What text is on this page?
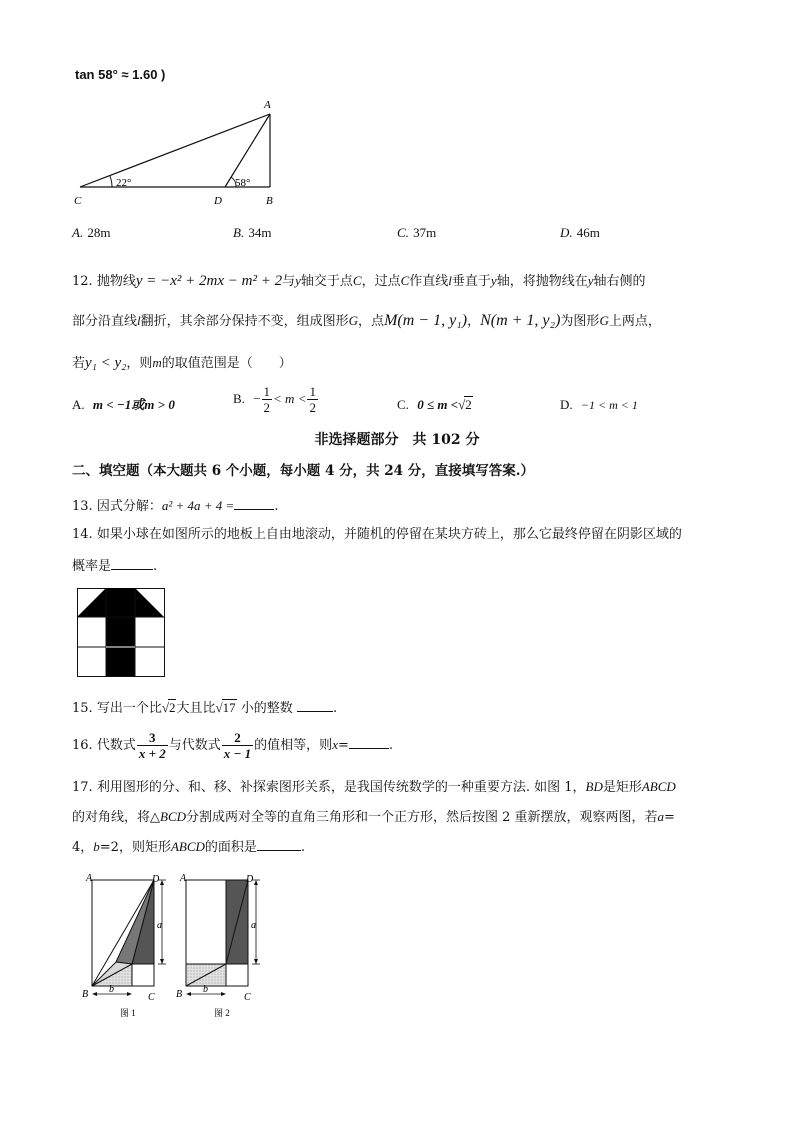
tan 58° ≈ 1.60 )
22°	58°
A
B
C	D
A. 28m	B. 34m	C. 37m	D. 46m
12. 抛物线y = −x² + 2mx − m² + 2与y轴交于点C，过点C作直线l垂直于y轴，将抛物线在y轴右侧的
部分沿直线l翻折，其余部分保持不变，组成图形G，点M(m − 1, y₁)，N(m + 1, y₂)为图形G上两点，
若y₁ < y₂，则m的取值范围是（　　）
A. m < −1或m > 0	B. − $\frac{1}{2} < m < \frac{1}{2}$	C. 0 ≤ m <√2	D. −1 < m < 1
非选择题部分　共 102 分
二、填空题（本大题共 6 个小题，每小题 4 分，共 24 分，直接填写答案.）
13. 因式分解：a² + 4a + 4 =	.
14. 如果小球在如图所示的地板上自由地滚动，并随机的停留在某块方砖上，那么它最终停留在阴影区域的
概率是	.
15. 写出一个比√2大且比√17 小的整数	.
16. 代数式 $\frac{3}{x + 2}$ 与代数式 $\frac{2}{x - 1}$ 的值相等，则x=	.
17. 利用图形的分、和、移、补探索图形关系，是我国传统数学的一种重要方法. 如图 1，BD是矩形ABCD
的对角线，将△BCD分割成两对全等的直角三角形和一个正方形，然后按图 2 重新摆放，观察两图，若a=
4，b=2，则矩形ABCD的面积是	.
A	D
B	C
a
b
图 1
A	D
B	C
a
b
图 2
